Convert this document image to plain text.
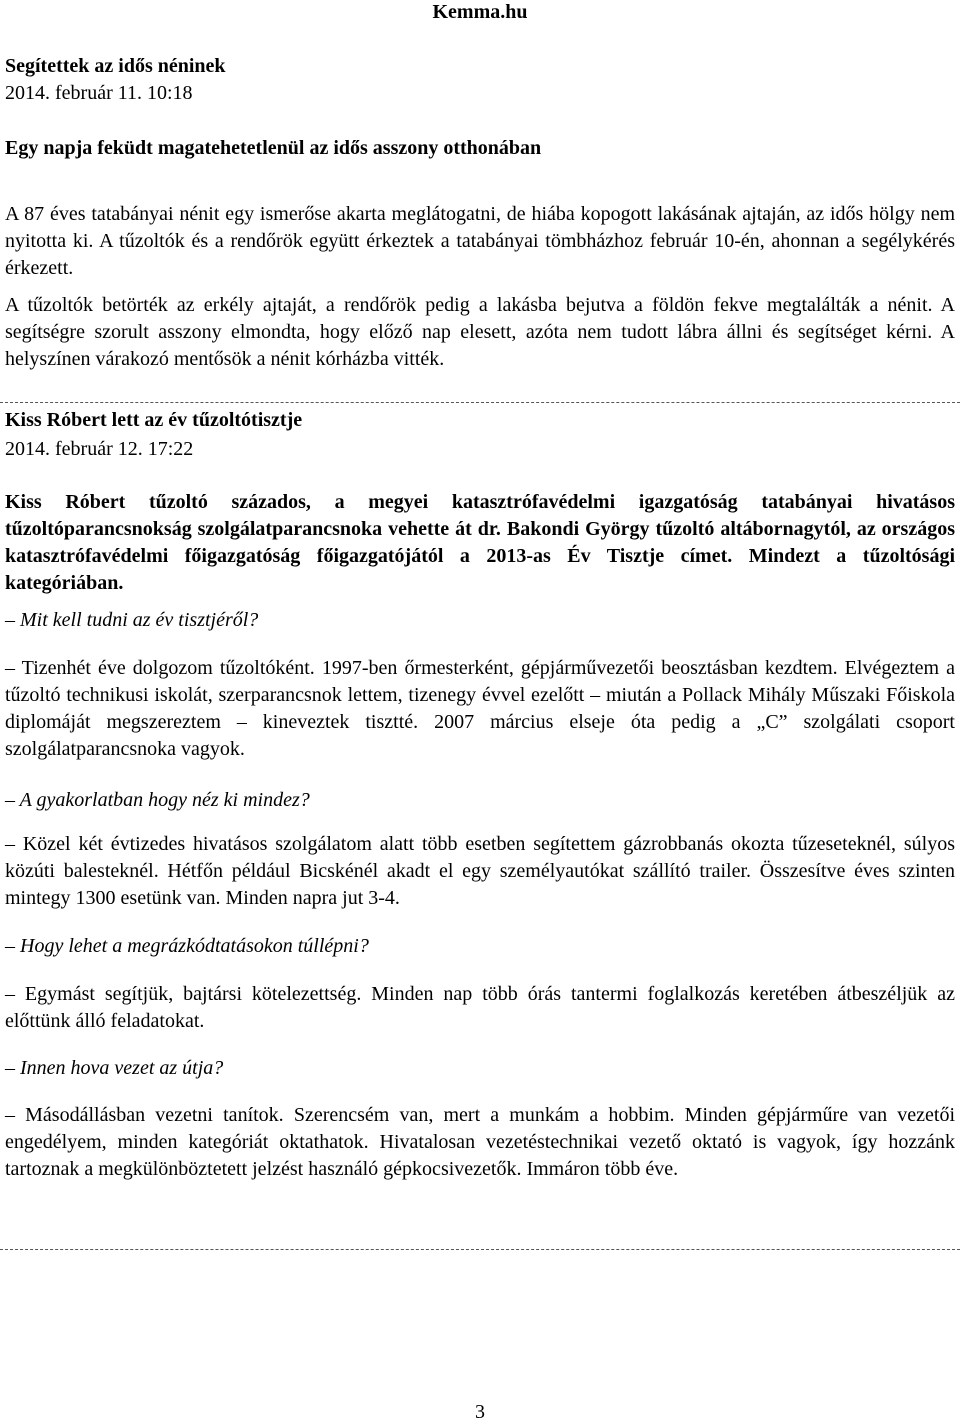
Kemma.hu
Segítettek az idős néninek
2014. február 11. 10:18
Egy napja feküdt magatehetetlenül az idős asszony otthonában
A 87 éves tatabányai nénit egy ismerőse akarta meglátogatni, de hiába kopogott lakásának ajtaján, az idős hölgy nem nyitotta ki. A tűzoltók és a rendőrök együtt érkeztek a tatabányai tömbházhoz február 10-én, ahonnan a segélykérés érkezett.
A tűzoltók betörték az erkély ajtaját, a rendőrök pedig a lakásba bejutva a földön fekve megtalálták a nénit. A segítségre szorult asszony elmondta, hogy előző nap elesett, azóta nem tudott lábra állni és segítséget kérni. A helyszínen várakozó mentősök a nénit kórházba vitték.
Kiss Róbert lett az év tűzoltótisztje
2014. február 12. 17:22
Kiss Róbert tűzoltó százados, a megyei katasztrófavédelmi igazgatóság tatabányai hivatásos tűzoltóparancsnokság szolgálatparancsnoka vehette át dr. Bakondi György tűzoltó altábornagytól, az országos katasztrófavédelmi főigazgatóság főigazgatójától a 2013-as Év Tisztje címet. Mindezt a tűzoltósági kategóriában.
– Mit kell tudni az év tisztjéről?
– Tizenhét éve dolgozom tűzoltóként. 1997-ben őrmesterként, gépjárművezetői beosztásban kezdtem. Elvégeztem a tűzoltó technikusi iskolát, szerparancsnok lettem, tizenegy évvel ezelőtt – miután a Pollack Mihály Műszaki Főiskola diplomáját megszereztem – kineveztek tisztté. 2007 március elseje óta pedig a „C” szolgálati csoport szolgálatparancsnoka vagyok.
– A gyakorlatban hogy néz ki mindez?
– Közel két évtizedes hivatásos szolgálatom alatt több esetben segítettem gázrobbanás okozta tűzeseteknél, súlyos közúti balesteknél. Hétfőn például Bicskénél akadt el egy személyautókat szállító trailer. Összesítve éves szinten mintegy 1300 esetünk van. Minden napra jut 3-4.
– Hogy lehet a megrázkódtatásokon túllépni?
– Egymást segítjük, bajtársi kötelezettség. Minden nap több órás tantermi foglalkozás keretében átbeszéljük az előttünk álló feladatokat.
– Innen hova vezet az útja?
– Másodállásban vezetni tanítok. Szerencsém van, mert a munkám a hobbim. Minden gépjárműre van vezetői engedélyem, minden kategóriát oktathatok. Hivatalosan vezetéstechnikai vezető oktató is vagyok, így hozzánk tartoznak a megkülönböztetett jelzést használó gépkocsivezetők. Immáron több éve.
3
